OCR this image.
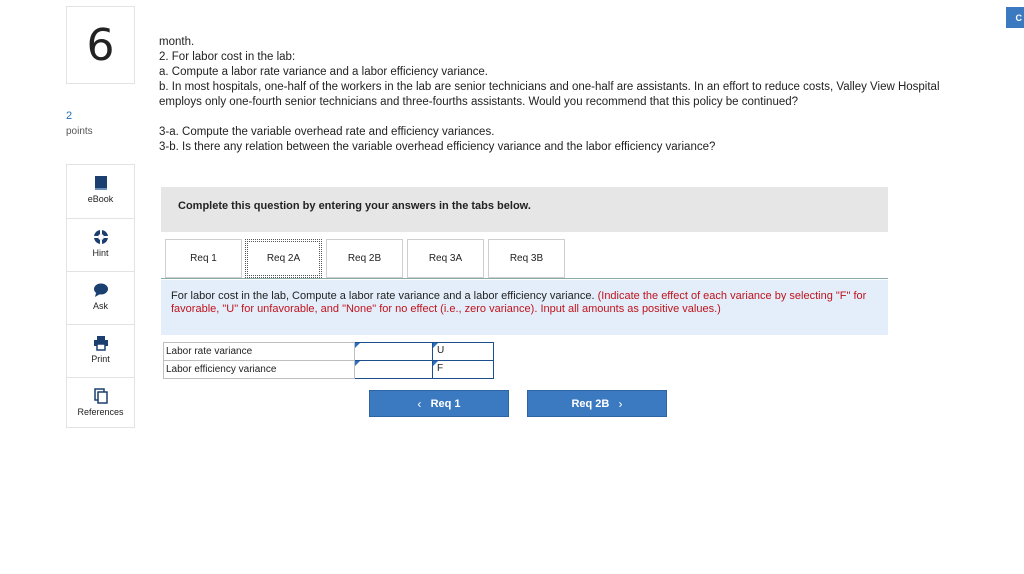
6
2
points
eBook
Hint
Ask
Print
References

month.

2. For labor cost in the lab:

a. Compute a labor rate variance and a labor efficiency variance.

b. In most hospitals, one-half of the workers in the lab are senior technicians and one-half are assistants. In an effort to reduce costs, Valley View Hospital employs only one-fourth senior technicians and three-fourths assistants. Would you recommend that this policy be continued?

3-a. Compute the variable overhead rate and efficiency variances.

3-b. Is there any relation between the variable overhead efficiency variance and the labor efficiency variance?

Complete this question by entering your answers in the tabs below.
Req 1	Req 2A	Req 2B	Req 3A	Req 3B
For labor cost in the lab, Compute a labor rate variance and a labor efficiency variance. (Indicate the effect of each variance by selecting "F" for favorable, "U" for unfavorable, and "None" for no effect (i.e., zero variance). Input all amounts as positive values.)
Labor rate variance		U

Labor efficiency variance		F
‹
Req 1	Req 2B
›
C
